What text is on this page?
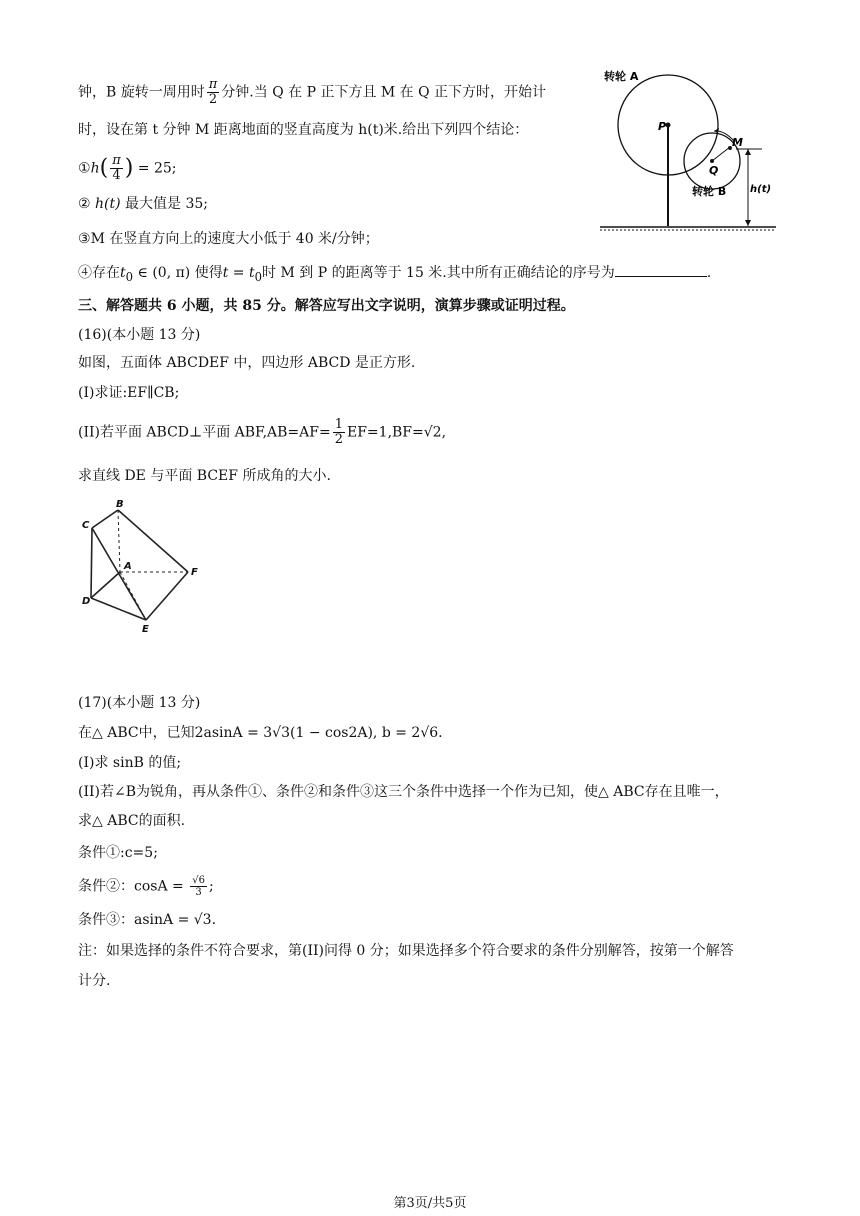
钟，B 旋转一周用时 $\frac{\pi}{2}$ 分钟.当 Q 在 P 正下方且 M 在 Q 正下方时，开始计
时，设在第 t 分钟 M 距离地面的竖直高度为 h(t)米.给出下列四个结论：
①h( $\frac{\pi}{4}$ ) = 25;
② h(t) 最大值是 35;
③M 在竖直方向上的速度大小低于 40 米/分钟；
④存在$t_0$ ∈ (0, π) 使得$t = t_0$时 M 到 P 的距离等于 15 米.其中所有正确结论的序号为	.
转轮 A
P
Q
M
转轮 B h(t)
三、解答题共 6 小题，共 85 分。解答应写出文字说明，演算步骤或证明过程。
(16)(本小题 13 分)
如图，五面体 ABCDEF 中，四边形 ABCD 是正方形.
(I)求证:EF∥CB;
(II)若平面 ABCD⊥平面 $ABF,AB=AF= \frac{1}{2} EF=1,BF=√2$,
求直线 DE 与平面 BCEF 所成角的大小.
B
C
A
F
D
E
(17)(本小题 13 分)
在△ ABC中，已知2asinA = 3√3(1 − cos2A), b = 2√6.
(I)求 sinB 的值;
(II)若∠B为锐角，再从条件①、条件②和条件③这三个条件中选择一个作为已知，使△ ABC存在且唯一，
求△ ABC的面积.
条件①:c=5;
条件②：$\cos A = \frac{√6}{3}$ ;
条件③：asinA = √3.
注：如果选择的条件不符合要求，第(II)问得 0 分；如果选择多个符合要求的条件分别解答，按第一个解答
计分.
第3页/共5页
